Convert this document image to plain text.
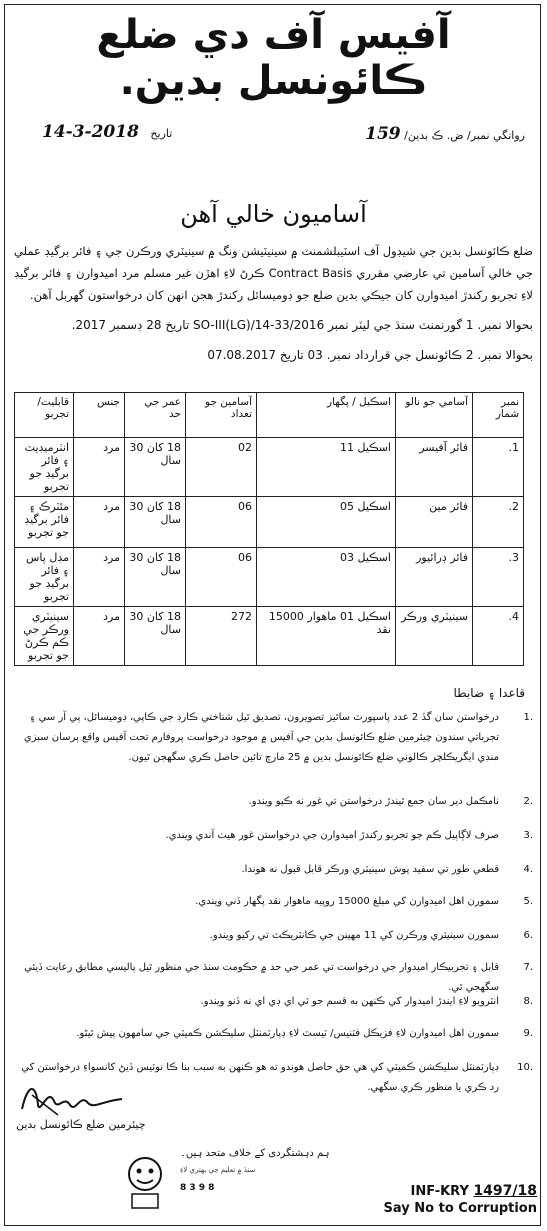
آفيس آف دي ضلع ڪائونسل بدين.
روانگي نمبر/ ض. ڪ بدين/ 159
14-3-2018 تاريخ
آساميون خالي آهن
ضلع ڪائونسل بدين جي شيڊول آف اسٽيبلشمنٽ ۾ سينيٽيشن ونگ ۾ سينيٽري ورڪرن جي ۽ فائر برگيڊ عملي جي خالي آسامين تي عارضي مقرري Contract Basis ڪرڻ لاءِ اهڙن غير مسلم مرد اميدوارن ۽ فائر برگيڊ لاءِ تجربو رکندڙ اميدوارن کان جيڪي بدين ضلع جو ڊوميسائل رکندڙ هجن انهن کان درخواستون گهربل آهن.
بحوالا نمبر. 1 گورنمنٽ سنڌ جي ليٽر نمبر SO-III(LG)/14-33/2016 تاريخ 28 ڊسمبر 2017.
بحوالا نمبر. 2 ڪائونسل جي قرارداد نمبر. 03 تاريخ 07.08.2017
نمبر شمار	آسامي جو نالو	اسڪيل / پگهار	آسامين جو تعداد	عمر جي حد	جنس	قابليت/تجربو
1.	فائر آفيسر	اسڪيل 11	02	18 کان 30 سال	مرد	انٽرميڊيٽ ۽ فائر برگيڊ جو تجربو
2.	فائر مين	اسڪيل 05	06	18 کان 30 سال	مرد	مئٽرڪ ۽ فائر برگيڊ جو تجربو
3.	فائر ڊرائيور	اسڪيل 03	06	18 کان 30 سال	مرد	مڊل پاس ۽ فائر برگيڊ جو تجربو
4.	سينيٽري ورڪر	اسڪيل 01 ماهوار 15000 نقد	272	18 کان 30 سال	مرد	سينيٽري ورڪر جي ڪم ڪرڻ جو تجربو
قاعدا ۽ ضابطا
1.
درخواستن سان گڏ 2 عدد پاسپورٽ سائيز تصويرون، تصديق ٿيل شناختي ڪارڊ جي ڪاپي، ڊوميسائل، پي آر سي ۽ تجرباتي سندون چيئرمين ضلع ڪائونسل بدين جي آفيس ۾ موجود درخواست پروفارم تحت آفيس واقع پرسان سبزي منڊي ايگريڪلچر ڪالوني ضلع ڪائونسل بدين ۾ 25 مارچ تائين حاصل ڪري سگهجن ٿيون.
2.
نامڪمل دير سان جمع ٿيندڙ درخواستن تي غور نه ڪيو ويندو.
3.
صرف لاڳاپيل ڪم جو تجربو رکندڙ اميدوارن جي درخواستن غور هيٺ آندي ويندي.
4.
قطعي طور تي سفيد پوش سينيٽري ورڪر قابل قبول نه هوندا.
5.
سمورن اهل اميدوارن کي مبلغ 15000 روپيه ماهوار نقد پگهار ڏني ويندي.
6.
سمورن سينيٽري ورڪرن کي 11 مهينن جي ڪانٽريڪٽ تي رکيو ويندو.
7.
قابل ۽ تجربيڪار اميدوار جي درخواست تي عمر جي حد ۾ حڪومت سنڌ جي منظور ٿيل پاليسي مطابق رعايت ڏيئي سگهجي ٿي.
8.
انٽرويو لاءِ ايندڙ اميدوار کي ڪنهن به قسم جو ٽي اي ڊي اي نه ڏنو ويندو.
9.
سمورن اهل اميدوارن لاءِ فزيڪل فٽنيس/ ٽيسٽ لاءِ ڊپارٽمنٽل سليڪشن ڪميٽي جي سامهون پيش ٿيڻو.
10.
ڊپارٽمنٽل سليڪشن ڪميٽي کي هي حق حاصل هوندو ته هو ڪنهن به سبب بنا ڪا نوٽيس ڏيڻ کانسواءِ درخواستن کي رد ڪري يا منظور ڪري سگهي.
چيئرمين ضلع ڪائونسل بدين
ہم دہشتگردی کے خلاف متحد ہیں۔
سنڌ ۾ تعليم جي بهتري لاءِ
8 3 9 8	INF-KRY 1497/18
Say No to Corruption
